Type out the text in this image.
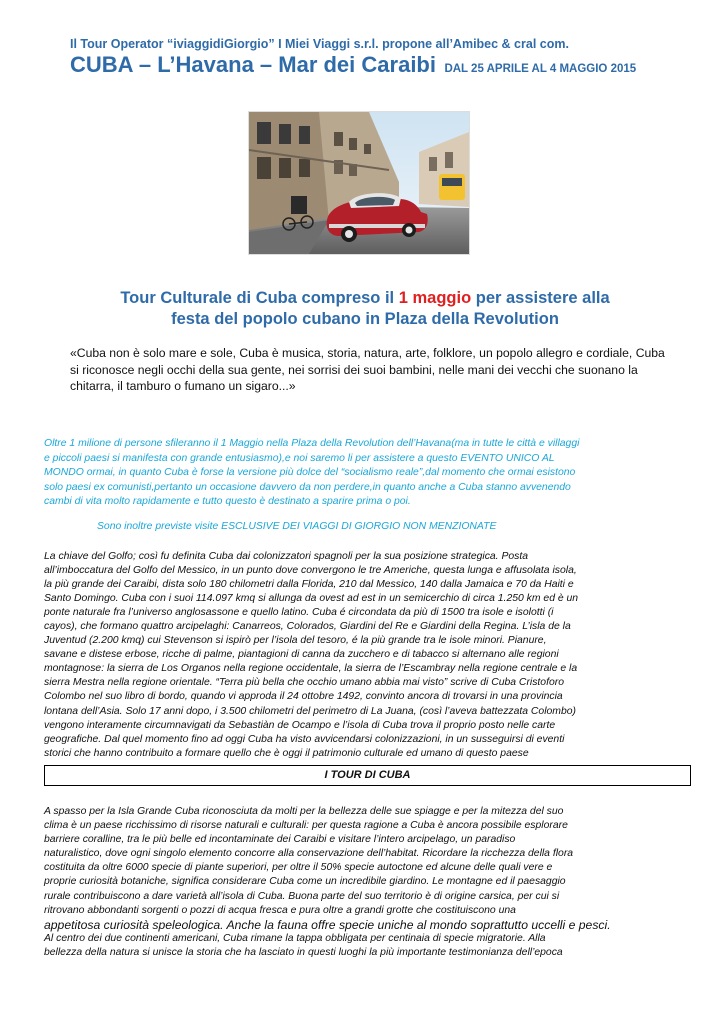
Il Tour Operator “iviaggidiGiorgio” I Miei Viaggi s.r.l. propone all’Amibec & cral com.
CUBA – L’Havana – Mar dei Caraibi DAL 25 APRILE AL 4 MAGGIO 2015
Tour Culturale di Cuba compreso il 1 maggio per assistere alla
festa del popolo cubano in Plaza della Revolution
«Cuba non è solo mare e sole, Cuba è musica, storia, natura, arte, folklore, un popolo allegro e cordiale, Cuba si riconosce negli occhi della sua gente, nei sorrisi dei suoi bambini, nelle mani dei vecchi che suonano la chitarra, il tamburo o fumano un sigaro...»
Oltre 1 milione di persone sfileranno il 1 Maggio nella Plaza della Revolution dell’Havana(ma in tutte le città e villaggi
e piccoli paesi si manifesta con grande entusiasmo),e noi saremo li per assistere a questo EVENTO UNICO AL
MONDO ormai, in quanto Cuba è forse la versione più dolce del “socialismo reale”,dal momento che ormai esistono
solo paesi ex comunisti,pertanto un occasione davvero da non perdere,in quanto anche a Cuba stanno avvenendo
cambi di vita molto rapidamente e tutto questo è destinato a sparire prima o poi.
Sono inoltre previste visite ESCLUSIVE DEI VIAGGI DI GIORGIO NON MENZIONATE
La chiave del Golfo; così fu definita Cuba dai colonizzatori spagnoli per la sua posizione strategica. Posta
all’imboccatura del Golfo del Messico, in un punto dove convergono le tre Americhe, questa lunga e affusolata isola,
la più grande dei Caraibi, dista solo 180 chilometri dalla Florida, 210 dal Messico, 140 dalla Jamaica e 70 da Haiti e
Santo Domingo. Cuba con i suoi 114.097 kmq si allunga da ovest ad est in un semicerchio di circa 1.250 km ed è un
ponte naturale fra l’universo anglosassone e quello latino. Cuba é circondata da più di 1500 tra isole e isolotti (i
cayos), che formano quattro arcipelaghi: Canarreos, Colorados, Giardini del Re e Giardini della Regina. L’isla de la
Juventud (2.200 kmq) cui Stevenson si ispirò per l’isola del tesoro, é la più grande tra le isole minori. Pianure,
savane e distese erbose, ricche di palme, piantagioni di canna da zucchero e di tabacco si alternano alle regioni
montagnose: la sierra de Los Organos nella regione occidentale, la sierra de l’Escambray nella regione centrale e la
sierra Mestra nella regione orientale. “Terra più bella che occhio umano abbia mai visto” scrive di Cuba Cristoforo
Colombo nel suo libro di bordo, quando vi approda il 24 ottobre 1492, convinto ancora di trovarsi in una provincia
lontana dell’Asia. Solo 17 anni dopo, i 3.500 chilometri del perimetro di La Juana, (così l’aveva battezzata Colombo)
vengono interamente circumnavigati da Sebastiàn de Ocampo e l’isola di Cuba trova il proprio posto nelle carte
geografiche. Dal quel momento fino ad oggi Cuba ha visto avvicendarsi colonizzazioni, in un susseguirsi di eventi
storici che hanno contribuito a formare quello che è oggi il patrimonio culturale ed umano di questo paese
I TOUR DI CUBA
A spasso per la Isla Grande Cuba riconosciuta da molti per la bellezza delle sue spiagge e per la mitezza del suo
clima è un paese ricchissimo di risorse naturali e culturali: per questa ragione a Cuba è ancora possibile esplorare
barriere coralline, tra le più belle ed incontaminate dei Caraibi e visitare l’intero arcipelago, un paradiso
naturalistico, dove ogni singolo elemento concorre alla conservazione dell’habitat. Ricordare la ricchezza della flora
costituita da oltre 6000 specie di piante superiori, per oltre il 50% specie autoctone ed alcune delle quali vere e
proprie curiosità botaniche, significa considerare Cuba come un incredibile giardino. Le montagne ed il paesaggio
rurale contribuiscono a dare varietà all’isola di Cuba. Buona parte del suo territorio è di origine carsica, per cui si
ritrovano abbondanti sorgenti o pozzi di acqua fresca e pura oltre a grandi grotte che costituiscono una
appetitosa curiosità speleologica. Anche la fauna offre specie uniche al mondo soprattutto uccelli e pesci.
Al centro dei due continenti americani, Cuba rimane la tappa obbligata per centinaia di specie migratorie. Alla
bellezza della natura si unisce la storia che ha lasciato in questi luoghi la più importante testimonianza dell’epoca
